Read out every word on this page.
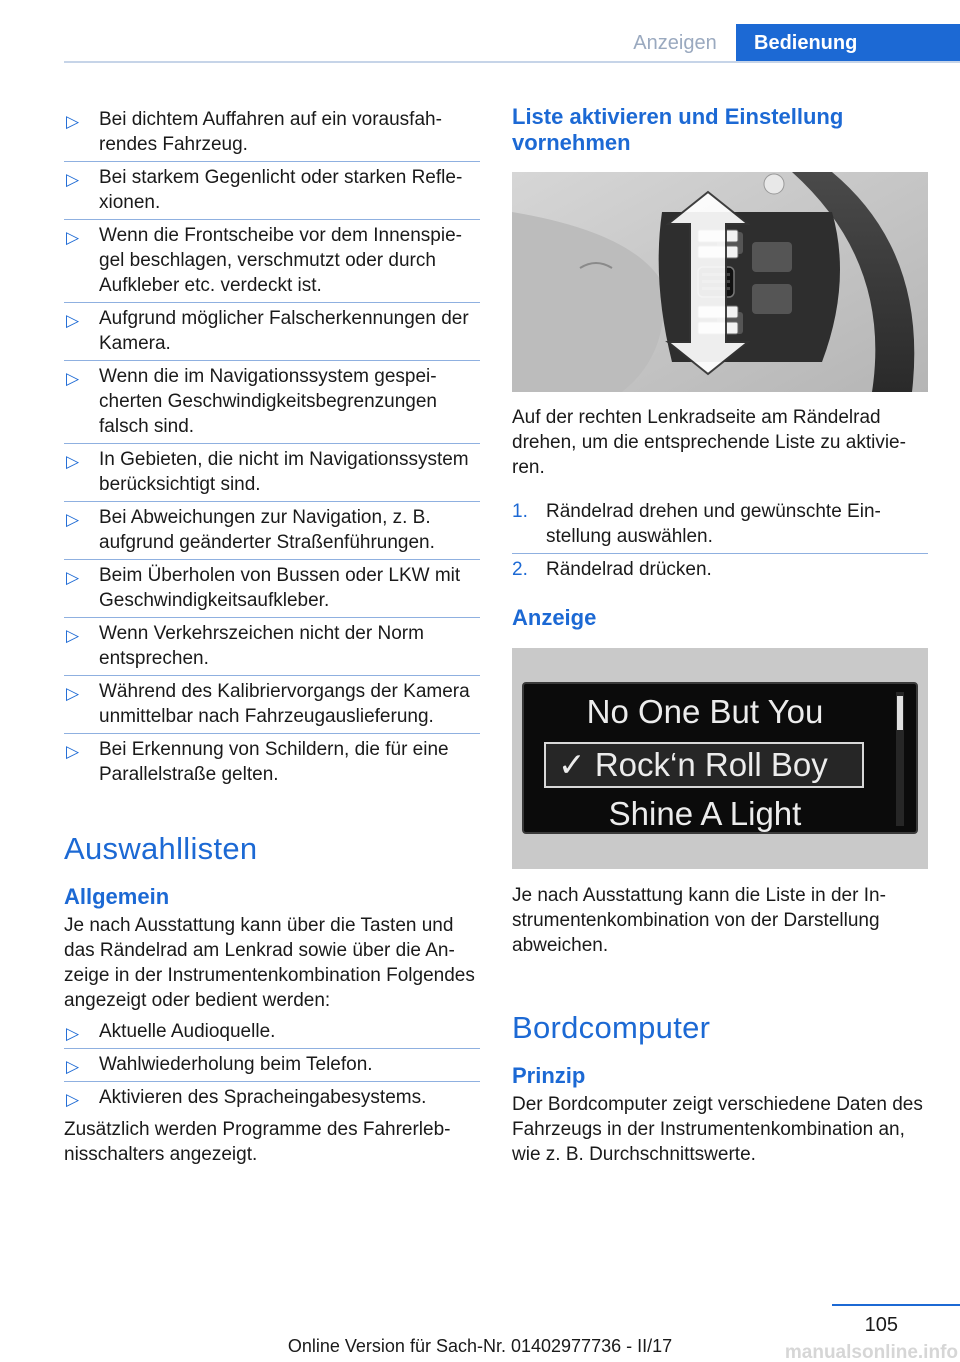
Anzeigen	Bedienung
▷ Bei dichtem Auffahren auf ein vorausfahrendes Fahrzeug.
▷ Bei starkem Gegenlicht oder starken Reflexionen.
▷ Wenn die Frontscheibe vor dem Innenspiegel beschlagen, verschmutzt oder durch Aufkleber etc. verdeckt ist.
▷ Aufgrund möglicher Falscherkennungen der Kamera.
▷ Wenn die im Navigationssystem gespeicherten Geschwindigkeitsbegrenzungen falsch sind.
▷ In Gebieten, die nicht im Navigationssystem berücksichtigt sind.
▷ Bei Abweichungen zur Navigation, z. B. aufgrund geänderter Straßenführungen.
▷ Beim Überholen von Bussen oder LKW mit Geschwindigkeitsaufkleber.
▷ Wenn Verkehrszeichen nicht der Norm entsprechen.
▷ Während des Kalibriervorgangs der Kamera unmittelbar nach Fahrzeugauslieferung.
▷ Bei Erkennung von Schildern, die für eine Parallelstraße gelten.
Auswahllisten
Allgemein

Je nach Ausstattung kann über die Tasten und das Rändelrad am Lenkrad sowie über die Anzeige in der Instrumentenkombination Folgendes angezeigt oder bedient werden:

▷ Aktuelle Audioquelle.
▷ Wahlwiederholung beim Telefon.
▷ Aktivieren des Spracheingabesystems.

Zusätzlich werden Programme des Fahrerlebnisschalters angezeigt.

Liste aktivieren und Einstellung vornehmen

Auf der rechten Lenkradseite am Rändelrad drehen, um die entsprechende Liste zu aktivieren.

1. Rändelrad drehen und gewünschte Einstellung auswählen.
2. Rändelrad drücken.
Anzeige
No One But You
✓ Rock‘n Roll Boy
Shine A Light

Je nach Ausstattung kann die Liste in der Instrumentenkombination von der Darstellung abweichen.

Bordcomputer
Prinzip

Der Bordcomputer zeigt verschiedene Daten des Fahrzeugs in der Instrumentenkombination an, wie z. B. Durchschnittswerte.

105
Online Version für Sach-Nr. 01402977736 - II/17	manualsonline.info
